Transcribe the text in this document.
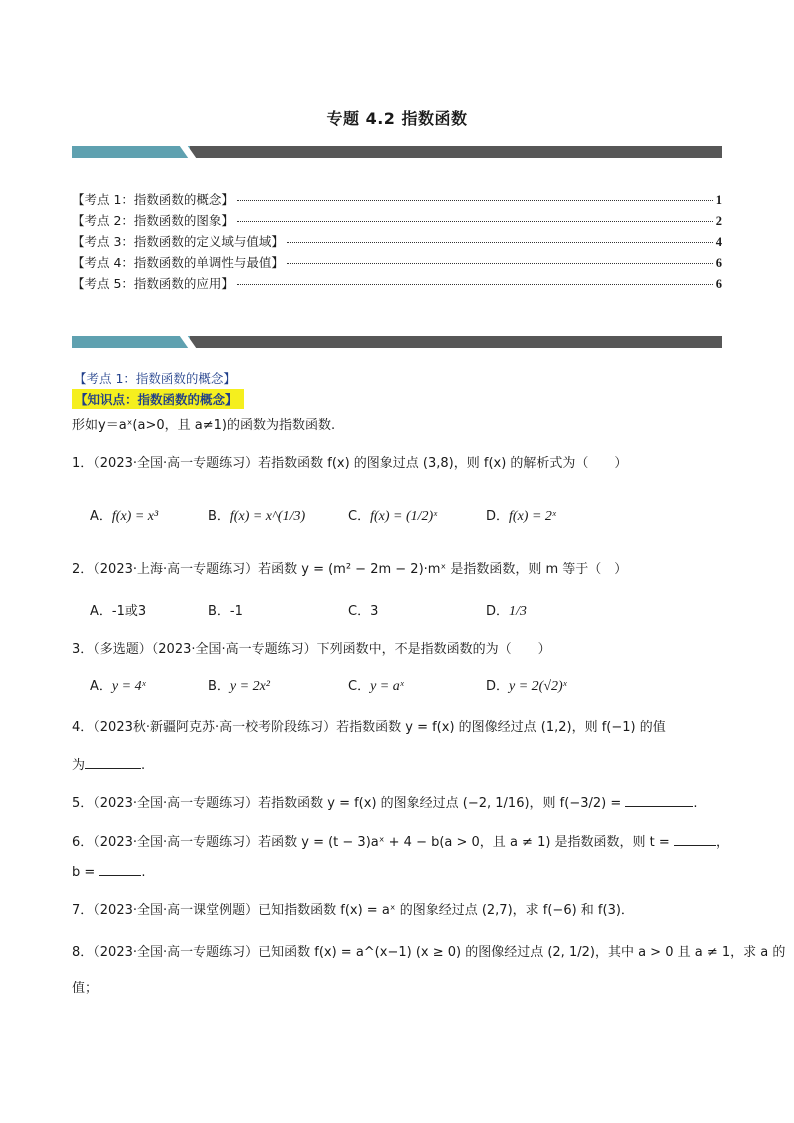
专题 4.2 指数函数
【考点 1：指数函数的概念】	1
【考点 2：指数函数的图象】	2
【考点 3：指数函数的定义域与值域】	4
【考点 4：指数函数的单调性与最值】	6
【考点 5：指数函数的应用】	6
【考点 1：指数函数的概念】
【知识点：指数函数的概念】
形如y＝aˣ(a>0，且 a≠1)的函数为指数函数.
1．（2023·全国·高一专题练习）若指数函数 f(x) 的图象过点 (3,8)，则 f(x) 的解析式为（　　）
A．f(x) = x³	B．f(x) = x^(1/3)	C．f(x) = (1/2)ˣ	D．f(x) = 2ˣ
2．（2023·上海·高一专题练习）若函数 y = (m² − 2m − 2)·mˣ 是指数函数，则 m 等于（　）
A．-1或3	B．-1	C．3	D．1/3
3．（多选题）（2023·全国·高一专题练习）下列函数中，不是指数函数的为（　　）
A．y = 4ˣ	B．y = 2x²	C．y = aˣ	D．y = 2(√2)ˣ
4．（2023秋·新疆阿克苏·高一校考阶段练习）若指数函数 y = f(x) 的图像经过点 (1,2)，则 f(−1) 的值
为	.
5．（2023·全国·高一专题练习）若指数函数 y = f(x) 的图象经过点 (−2, 1/16)，则 f(−3/2) =	.
6．（2023·全国·高一专题练习）若函数 y = (t − 3)aˣ + 4 − b(a > 0，且 a ≠ 1) 是指数函数，则 t =	，
b =	.
7．（2023·全国·高一课堂例题）已知指数函数 f(x) = aˣ 的图象经过点 (2,7)，求 f(−6) 和 f(3)．
8．（2023·全国·高一专题练习）已知函数 f(x) = a^(x−1) (x ≥ 0) 的图像经过点 (2, 1/2)，其中 a > 0 且 a ≠ 1，求 a 的
值；
